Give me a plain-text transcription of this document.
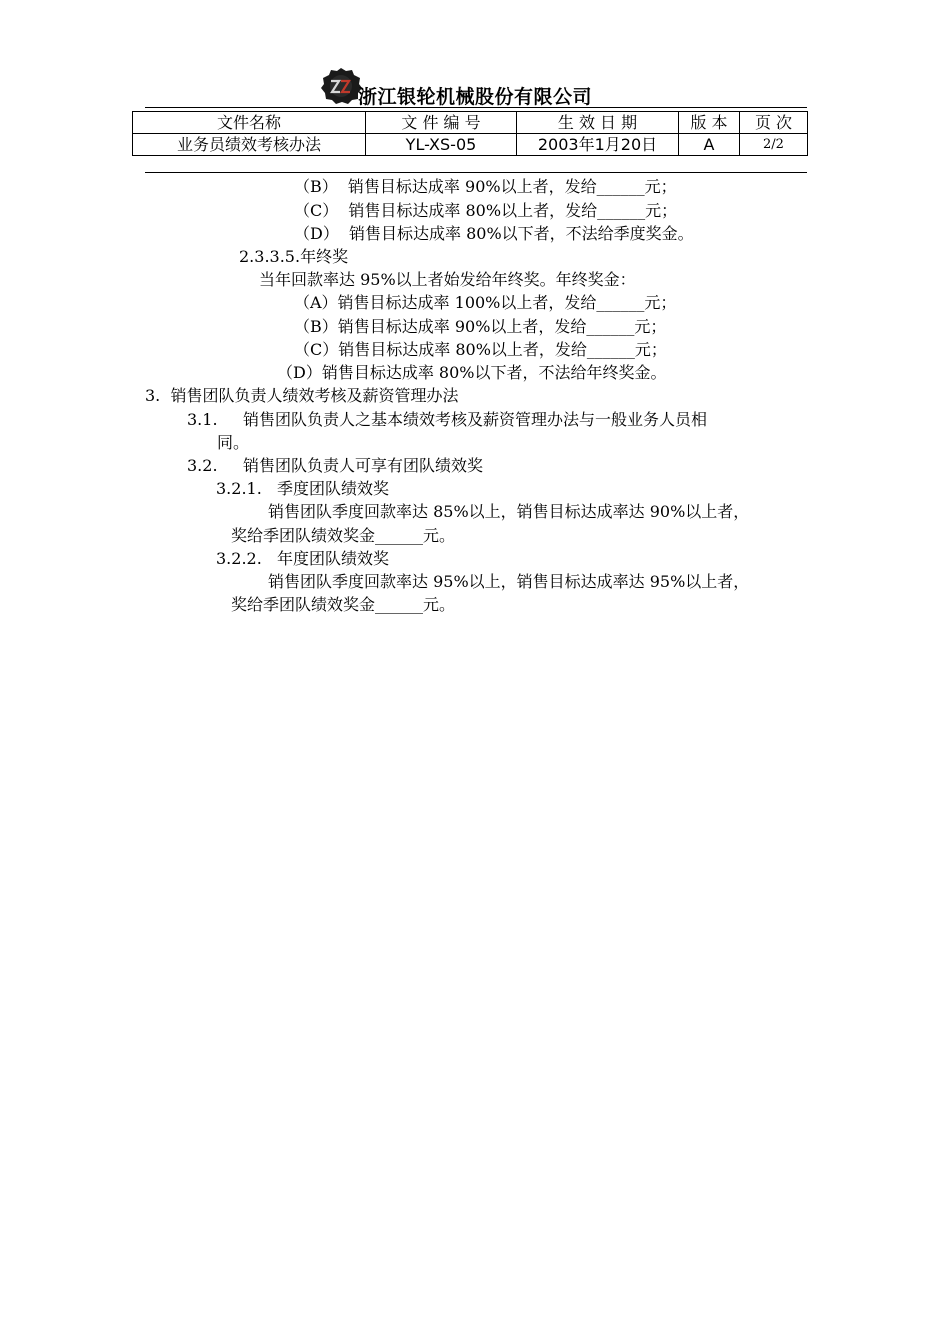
浙江银轮机械股份有限公司
文件名称	文 件 编 号	生 效 日 期	版 本	页 次
业务员绩效考核办法	YL-XS-05	2003年1月20日	A	2/2
（B）  销售目标达成率 90%以上者，发给______元；
（C）  销售目标达成率 80%以上者，发给______元；
（D）  销售目标达成率 80%以下者，不法给季度奖金。
2.3.3.5.年终奖
当年回款率达 95%以上者始发给年终奖。年终奖金：
（A）销售目标达成率 100%以上者，发给______元；
（B）销售目标达成率 90%以上者，发给______元；
（C）销售目标达成率 80%以上者，发给______元；
（D）销售目标达成率 80%以下者，不法给年终奖金。
3.  销售团队负责人绩效考核及薪资管理办法
3.1.     销售团队负责人之基本绩效考核及薪资管理办法与一般业务人员相
同。
3.2.     销售团队负责人可享有团队绩效奖
3.2.1.   季度团队绩效奖
销售团队季度回款率达 85%以上，销售目标达成率达 90%以上者，
奖给季团队绩效奖金______元。
3.2.2.   年度团队绩效奖
销售团队季度回款率达 95%以上，销售目标达成率达 95%以上者，
奖给季团队绩效奖金______元。
